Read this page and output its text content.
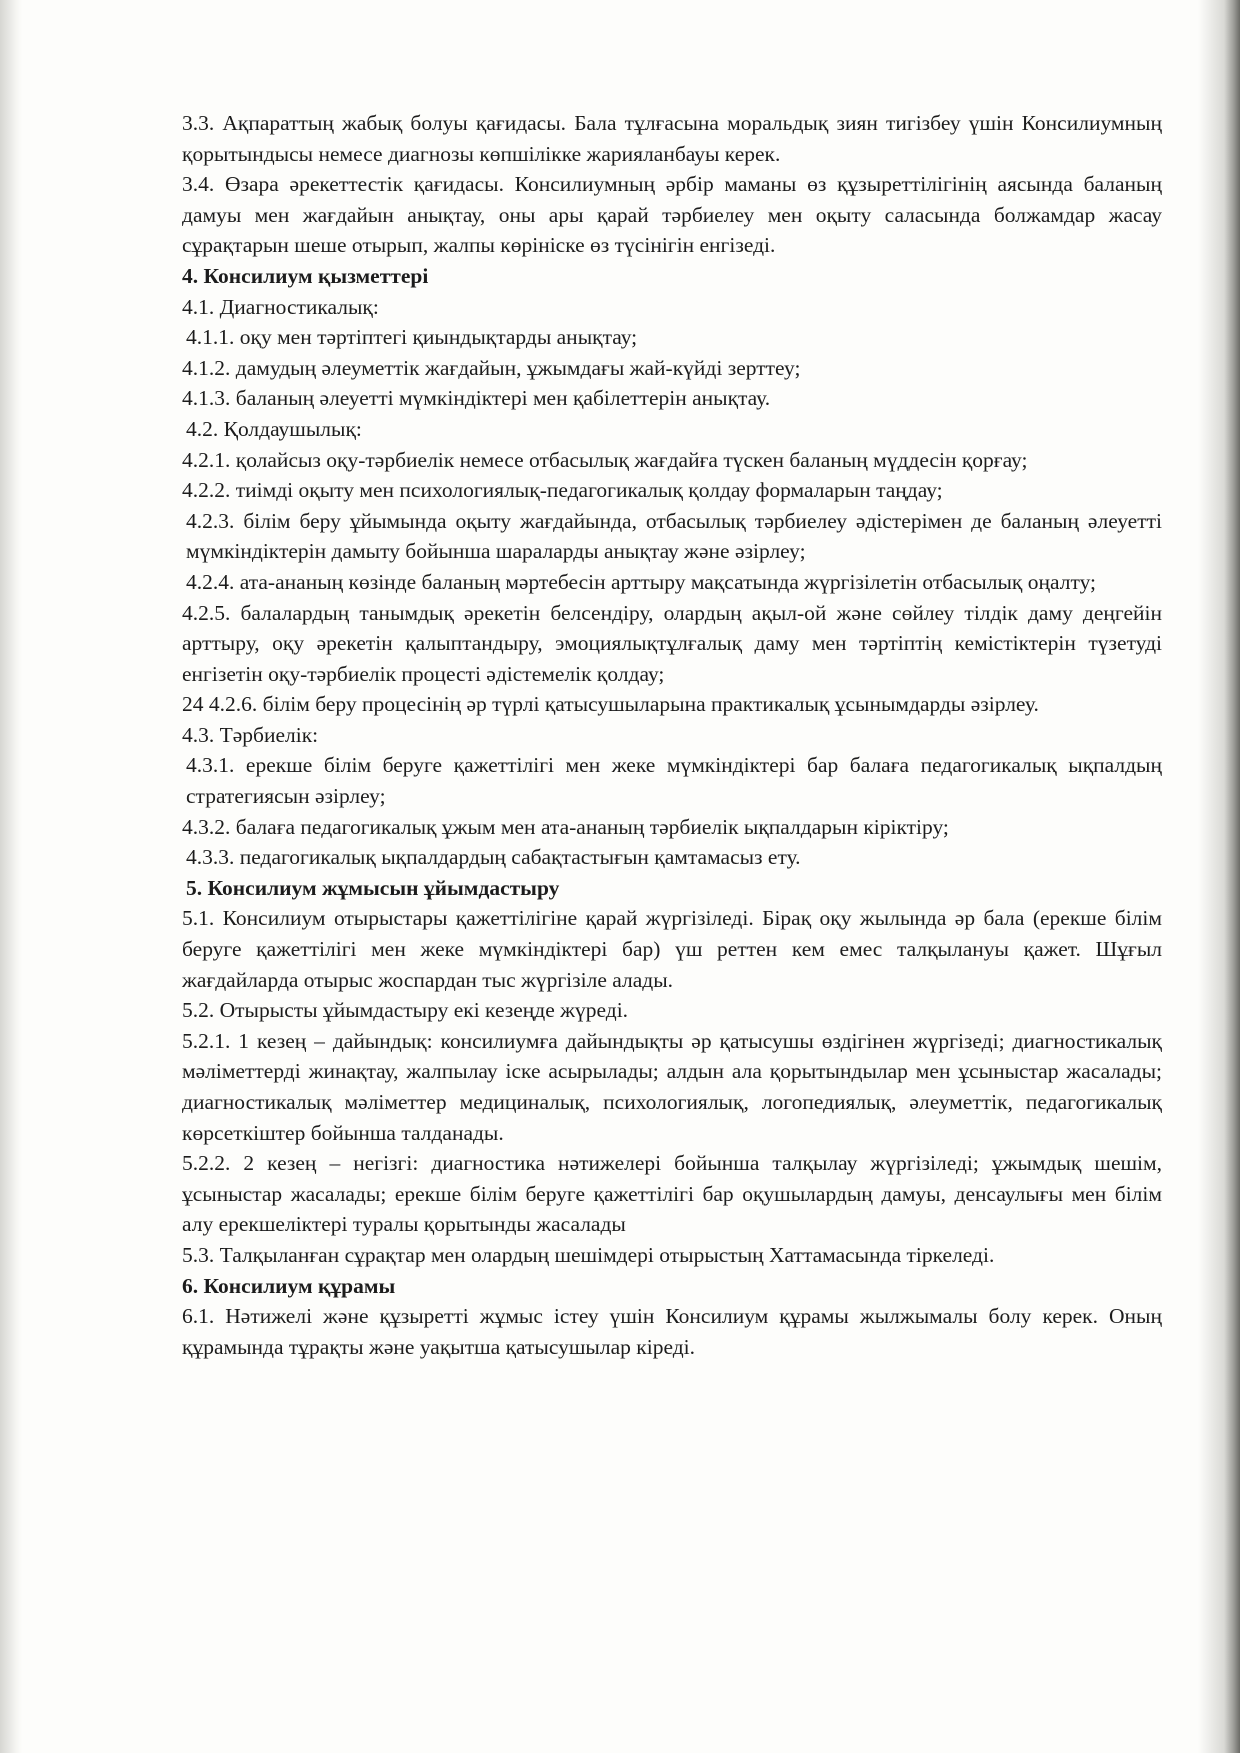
3.3. Ақпараттың жабық болуы қағидасы. Бала тұлғасына моральдық зиян тигізбеу үшін Консилиумның қорытындысы немесе диагнозы көпшілікке жарияланбауы керек.

3.4. Өзара әрекеттестік қағидасы. Консилиумның әрбір маманы өз құзыреттілігінің аясында баланың дамуы мен жағдайын анықтау, оны ары қарай тәрбиелеу мен оқыту саласында болжамдар жасау сұрақтарын шеше отырып, жалпы көрініске өз түсінігін енгізеді.

4. Консилиум қызметтері

4.1. Диагностикалық:

4.1.1. оқу мен тәртіптегі қиындықтарды анықтау;

4.1.2. дамудың әлеуметтік жағдайын, ұжымдағы жай-күйді зерттеу;

4.1.3. баланың әлеуетті мүмкіндіктері мен қабілеттерін анықтау.

4.2. Қолдаушылық:

4.2.1. қолайсыз оқу-тәрбиелік немесе отбасылық жағдайға түскен баланың мүддесін қорғау;

4.2.2. тиімді оқыту мен психологиялық-педагогикалық қолдау формаларын таңдау;

4.2.3. білім беру ұйымында оқыту жағдайында, отбасылық тәрбиелеу әдістерімен де баланың әлеуетті мүмкіндіктерін дамыту бойынша шараларды анықтау және әзірлеу;

4.2.4. ата-ананың көзінде баланың мәртебесін арттыру мақсатында жүргізілетін отбасылық оңалту;

4.2.5. балалардың танымдық әрекетін белсендіру, олардың ақыл-ой және сөйлеу тілдік даму деңгейін арттыру, оқу әрекетін қалыптандыру, эмоциялықтұлғалық даму мен тәртіптің кемістіктерін түзетуді енгізетін оқу-тәрбиелік процесті әдістемелік қолдау;

24 4.2.6. білім беру процесінің әр түрлі қатысушыларына практикалық ұсынымдарды әзірлеу.

4.3. Тәрбиелік:

4.3.1. ерекше білім беруге қажеттілігі мен жеке мүмкіндіктері бар балаға педагогикалық ықпалдың стратегиясын әзірлеу;

4.3.2. балаға педагогикалық ұжым мен ата-ананың тәрбиелік ықпалдарын кіріктіру;

4.3.3. педагогикалық ықпалдардың сабақтастығын қамтамасыз ету.

5. Консилиум жұмысын ұйымдастыру

5.1. Консилиум отырыстары қажеттілігіне қарай жүргізіледі. Бірақ оқу жылында әр бала (ерекше білім беруге қажеттілігі мен жеке мүмкіндіктері бар) үш реттен кем емес талқылануы қажет. Шұғыл жағдайларда отырыс жоспардан тыс жүргізіле алады.

5.2. Отырысты ұйымдастыру екі кезеңде жүреді.

5.2.1. 1 кезең – дайындық: консилиумға дайындықты әр қатысушы өздігінен жүргізеді; диагностикалық мәліметтерді жинақтау, жалпылау іске асырылады; алдын ала қорытындылар мен ұсыныстар жасалады; диагностикалық мәліметтер медициналық, психологиялық, логопедиялық, әлеуметтік, педагогикалық көрсеткіштер бойынша талданады.

5.2.2. 2 кезең – негізгі: диагностика нәтижелері бойынша талқылау жүргізіледі; ұжымдық шешім, ұсыныстар жасалады; ерекше білім беруге қажеттілігі бар оқушылардың дамуы, денсаулығы мен білім алу ерекшеліктері туралы қорытынды жасалады

5.3. Талқыланған сұрақтар мен олардың шешімдері отырыстың Хаттамасында тіркеледі.

6. Консилиум құрамы

6.1. Нәтижелі және құзыретті жұмыс істеу үшін Консилиум құрамы жылжымалы болу керек. Оның құрамында тұрақты және уақытша қатысушылар кіреді.
